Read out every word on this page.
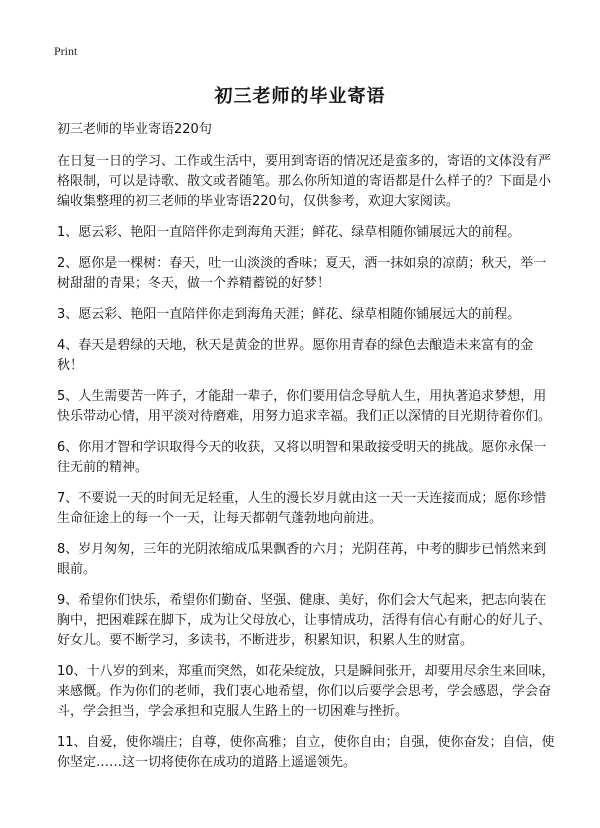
Print
初三老师的毕业寄语

初三老师的毕业寄语220句

在日复一日的学习、工作或生活中，要用到寄语的情况还是蛮多的，寄语的文体没有严格限制，可以是诗歌、散文或者随笔。那么你所知道的寄语都是什么样子的？下面是小编收集整理的初三老师的毕业寄语220句，仅供参考，欢迎大家阅读。

1、愿云彩、艳阳一直陪伴你走到海角天涯；鲜花、绿草相随你铺展远大的前程。

2、愿你是一棵树：春天，吐一山淡淡的香味；夏天，洒一抹如泉的凉荫；秋天，举一树甜甜的青果；冬天，做一个养精蓄锐的好梦！

3、愿云彩、艳阳一直陪伴你走到海角天涯；鲜花、绿草相随你铺展远大的前程。

4、春天是碧绿的天地，秋天是黄金的世界。愿你用青春的绿色去酿造未来富有的金秋！

5、人生需要苦一阵子，才能甜一辈子，你们要用信念导航人生，用执著追求梦想，用快乐带动心情，用平淡对待磨难，用努力追求幸福。我们正以深情的目光期待着你们。

6、你用才智和学识取得今天的收获，又将以明智和果敢接受明天的挑战。愿你永保一往无前的精神。

7、不要说一天的时间无足轻重，人生的漫长岁月就由这一天一天连接而成；愿你珍惜生命征途上的每一个一天，让每天都朝气蓬勃地向前进。

8、岁月匆匆，三年的光阴浓缩成瓜果飘香的六月；光阴荏苒，中考的脚步已悄然来到眼前。

9、希望你们快乐，希望你们勤奋、坚强、健康、美好，你们会大气起来，把志向装在胸中，把困难踩在脚下，成为让父母放心，让事情成功，活得有信心有耐心的好儿子、好女儿。要不断学习，多读书，不断进步，积累知识，积累人生的财富。

10、十八岁的到来，郑重而突然，如花朵绽放，只是瞬间张开，却要用尽余生来回味，来感慨。作为你们的老师，我们衷心地希望，你们以后要学会思考，学会感恩，学会奋斗，学会担当，学会承担和克服人生路上的一切困难与挫折。

11、自爱，使你端庄；自尊，使你高雅；自立，使你自由；自强，使你奋发；自信，使你坚定……这一切将使你在成功的道路上遥遥领先。
